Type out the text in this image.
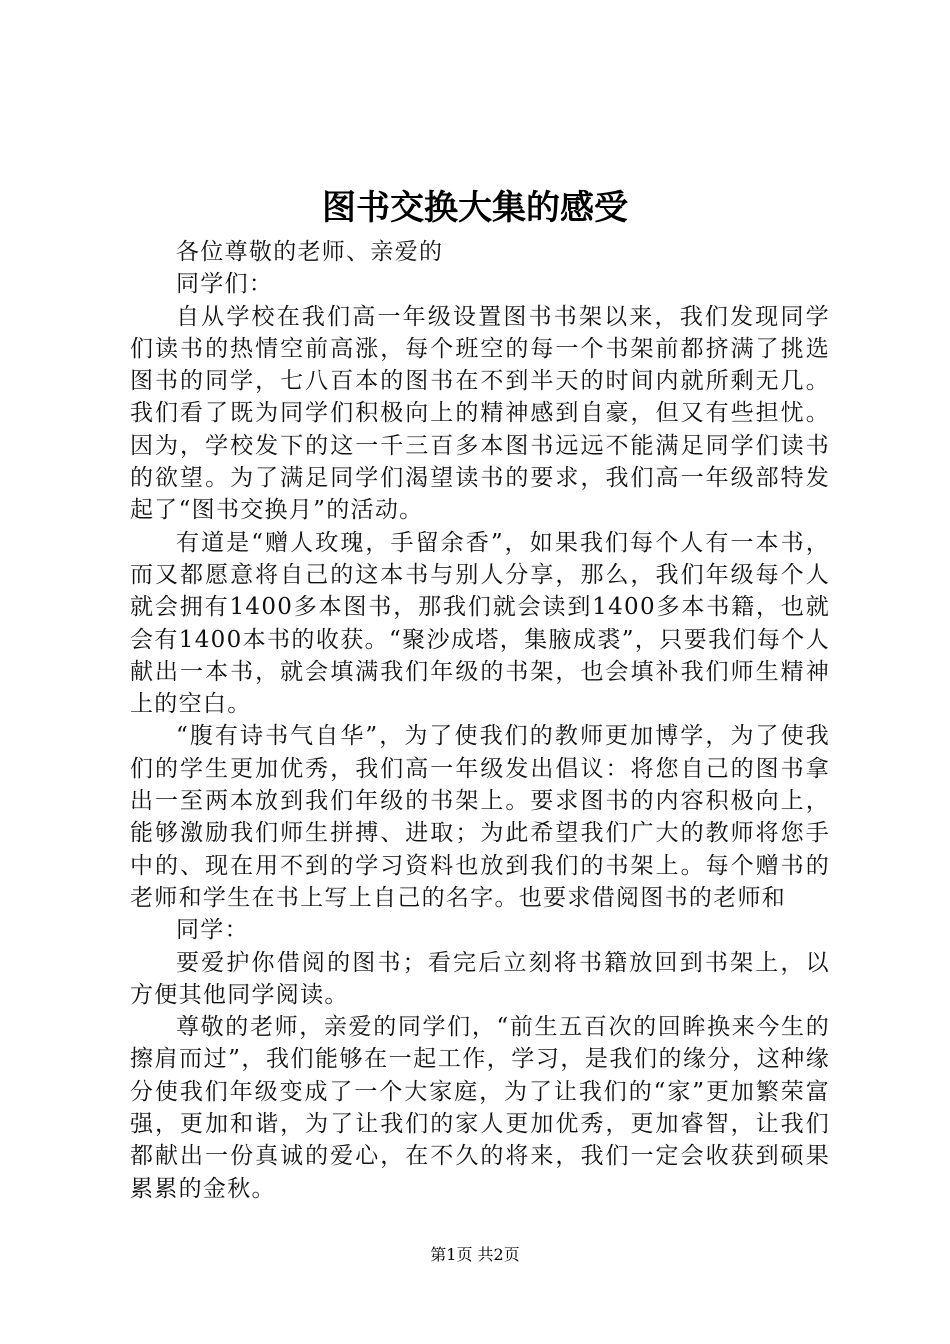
图书交换大集的感受

各位尊敬的老师、亲爱的

同学们：

自从学校在我们高一年级设置图书书架以来，我们发现同学们读书的热情空前高涨，每个班空的每一个书架前都挤满了挑选图书的同学，七八百本的图书在不到半天的时间内就所剩无几。我们看了既为同学们积极向上的精神感到自豪，但又有些担忧。因为，学校发下的这一千三百多本图书远远不能满足同学们读书的欲望。为了满足同学们渴望读书的要求，我们高一年级部特发起了“图书交换月”的活动。

有道是“赠人玫瑰，手留余香”，如果我们每个人有一本书，而又都愿意将自己的这本书与别人分享，那么，我们年级每个人就会拥有1400多本图书，那我们就会读到1400多本书籍，也就会有1400本书的收获。“聚沙成塔，集腋成裘”，只要我们每个人献出一本书，就会填满我们年级的书架，也会填补我们师生精神上的空白。

“腹有诗书气自华”，为了使我们的教师更加博学，为了使我们的学生更加优秀，我们高一年级发出倡议：将您自己的图书拿出一至两本放到我们年级的书架上。要求图书的内容积极向上，能够激励我们师生拼搏、进取；为此希望我们广大的教师将您手中的、现在用不到的学习资料也放到我们的书架上。每个赠书的老师和学生在书上写上自己的名字。也要求借阅图书的老师和

同学：

要爱护你借阅的图书；看完后立刻将书籍放回到书架上，以方便其他同学阅读。

尊敬的老师，亲爱的同学们，“前生五百次的回眸换来今生的擦肩而过”，我们能够在一起工作，学习，是我们的缘分，这种缘分使我们年级变成了一个大家庭，为了让我们的“家”更加繁荣富强，更加和谐，为了让我们的家人更加优秀，更加睿智，让我们都献出一份真诚的爱心，在不久的将来，我们一定会收获到硕果累累的金秋。

第1页 共2页
